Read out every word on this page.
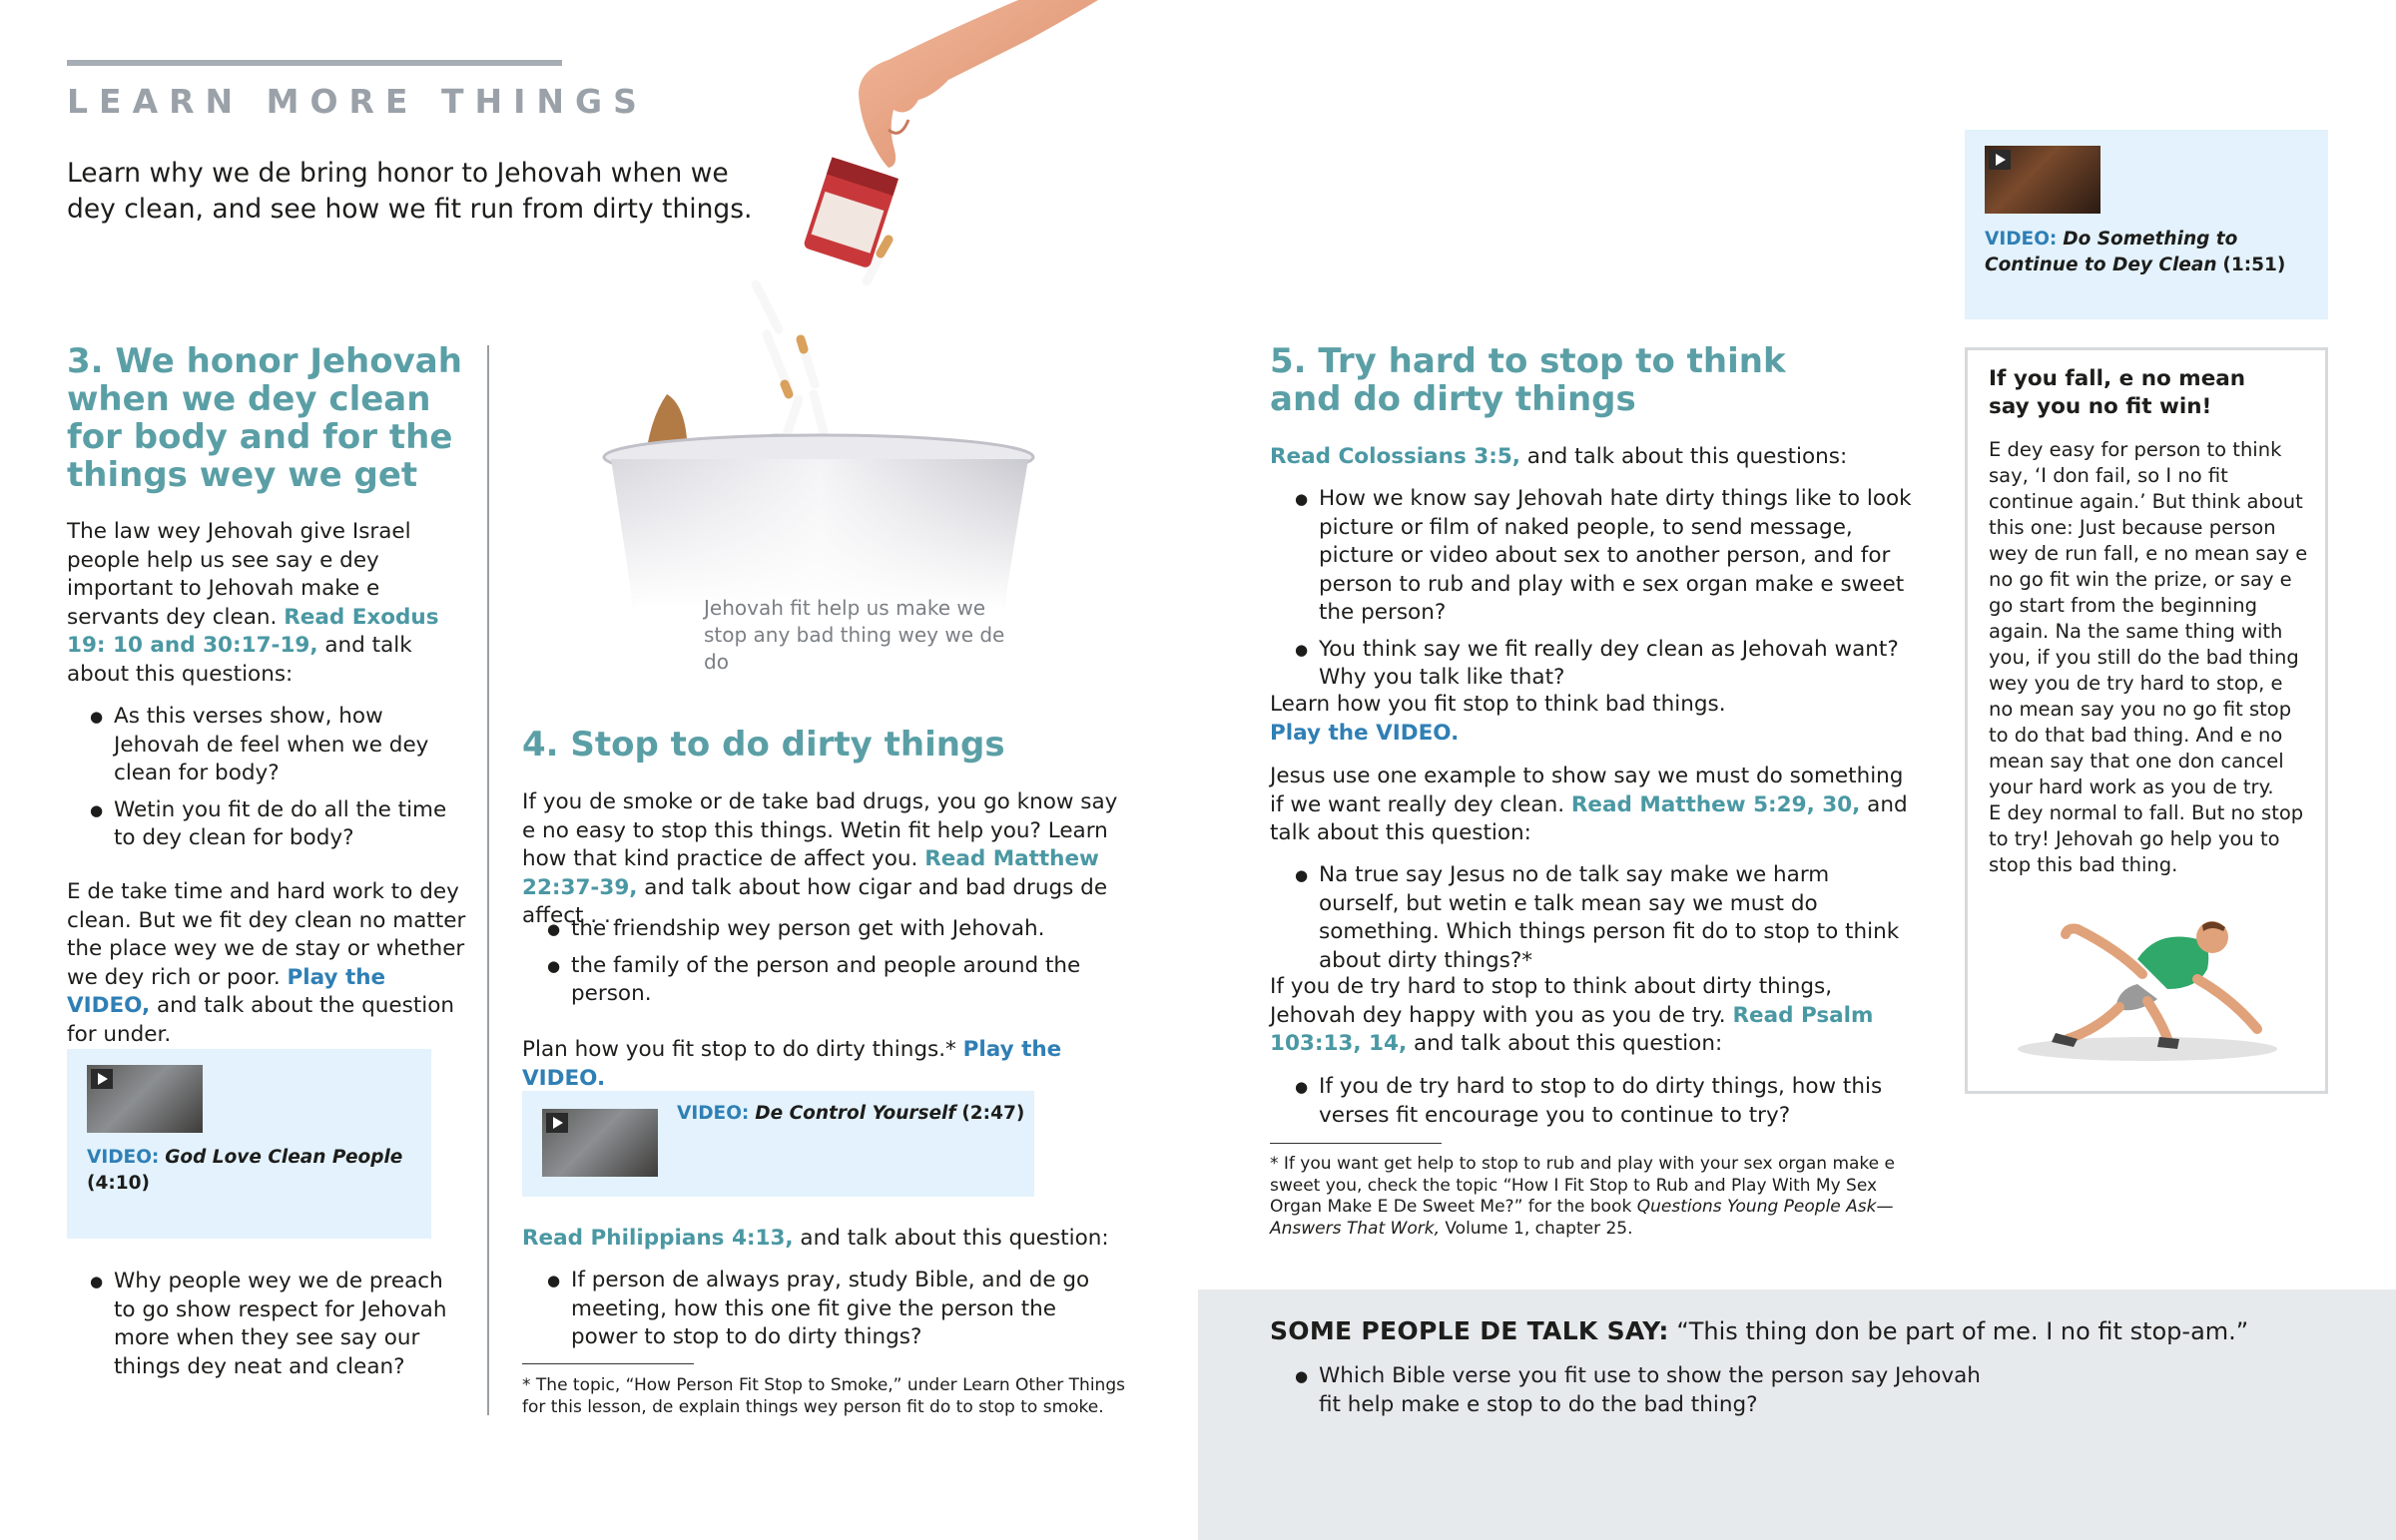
LEARN MORE THINGS
Learn why we de bring honor to Jehovah when we dey clean, and see how we fit run from dirty things.
Jehovah fit help us make we stop any bad thing wey we de do
3. We honor Jehovah when we dey clean for body and for the things wey we get
The law wey Jehovah give Israel people help us see say e dey important to Jehovah make e servants dey clean. Read Exodus 19: 10 and 30:17-19, and talk about this questions:
● As this verses show, how Jehovah de feel when we dey clean for body?
● Wetin you fit de do all the time to dey clean for body?
E de take time and hard work to dey clean. But we fit dey clean no matter the place wey we de stay or whether we dey rich or poor. Play the VIDEO, and talk about the question for under.
VIDEO: God Love Clean People
(4:10)
● Why people wey we de preach to go show respect for Jehovah more when they see say our things dey neat and clean?
4. Stop to do dirty things
If you de smoke or de take bad drugs, you go know say e no easy to stop this things. Wetin fit help you? Learn how that kind practice de affect you. Read Matthew 22:37-39, and talk about how cigar and bad drugs de affect . . .
● the friendship wey person get with Jehovah.
● the family of the person and people around the person.
Plan how you fit stop to do dirty things.* Play the VIDEO.
VIDEO: De Control Yourself (2:47)
Read Philippians 4:13, and talk about this question:
● If person de always pray, study Bible, and de go meeting, how this one fit give the person the power to stop to do dirty things?
* The topic, “How Person Fit Stop to Smoke,” under Learn Other Things for this lesson, de explain things wey person fit do to stop to smoke.
5. Try hard to stop to think and do dirty things
Read Colossians 3:5, and talk about this questions:
● How we know say Jehovah hate dirty things like to look picture or film of naked people, to send message, picture or video about sex to another person, and for person to rub and play with e sex organ make e sweet the person?
● You think say we fit really dey clean as Jehovah want? Why you talk like that?
Learn how you fit stop to think bad things.
Play the VIDEO.
Jesus use one example to show say we must do something if we want really dey clean. Read Matthew 5:29, 30, and talk about this question:
● Na true say Jesus no de talk say make we harm ourself, but wetin e talk mean say we must do something. Which things person fit do to stop to think about dirty things?*
If you de try hard to stop to think about dirty things, Jehovah dey happy with you as you de try. Read Psalm 103:13, 14, and talk about this question:
● If you de try hard to stop to do dirty things, how this verses fit encourage you to continue to try?
* If you want get help to stop to rub and play with your sex organ make e sweet you, check the topic “How I Fit Stop to Rub and Play With My Sex Organ Make E De Sweet Me?” for the book Questions Young People Ask—Answers That Work, Volume 1, chapter 25.
VIDEO: Do Something to Continue to Dey Clean (1:51)
If you fall, e no mean say you no fit win!
E dey easy for person to think say, ‘I don fail, so I no fit continue again.’ But think about this one: Just because person wey de run fall, e no mean say e no go fit win the prize, or say e go start from the beginning again. Na the same thing with you, if you still do the bad thing wey you de try hard to stop, e no mean say you no go fit stop to do that bad thing. And e no mean say that one don cancel your hard work as you de try.
E dey normal to fall. But no stop to try! Jehovah go help you to stop this bad thing.
SOME PEOPLE DE TALK SAY: “This thing don be part of me. I no fit stop-am.”
● Which Bible verse you fit use to show the person say Jehovah fit help make e stop to do the bad thing?
